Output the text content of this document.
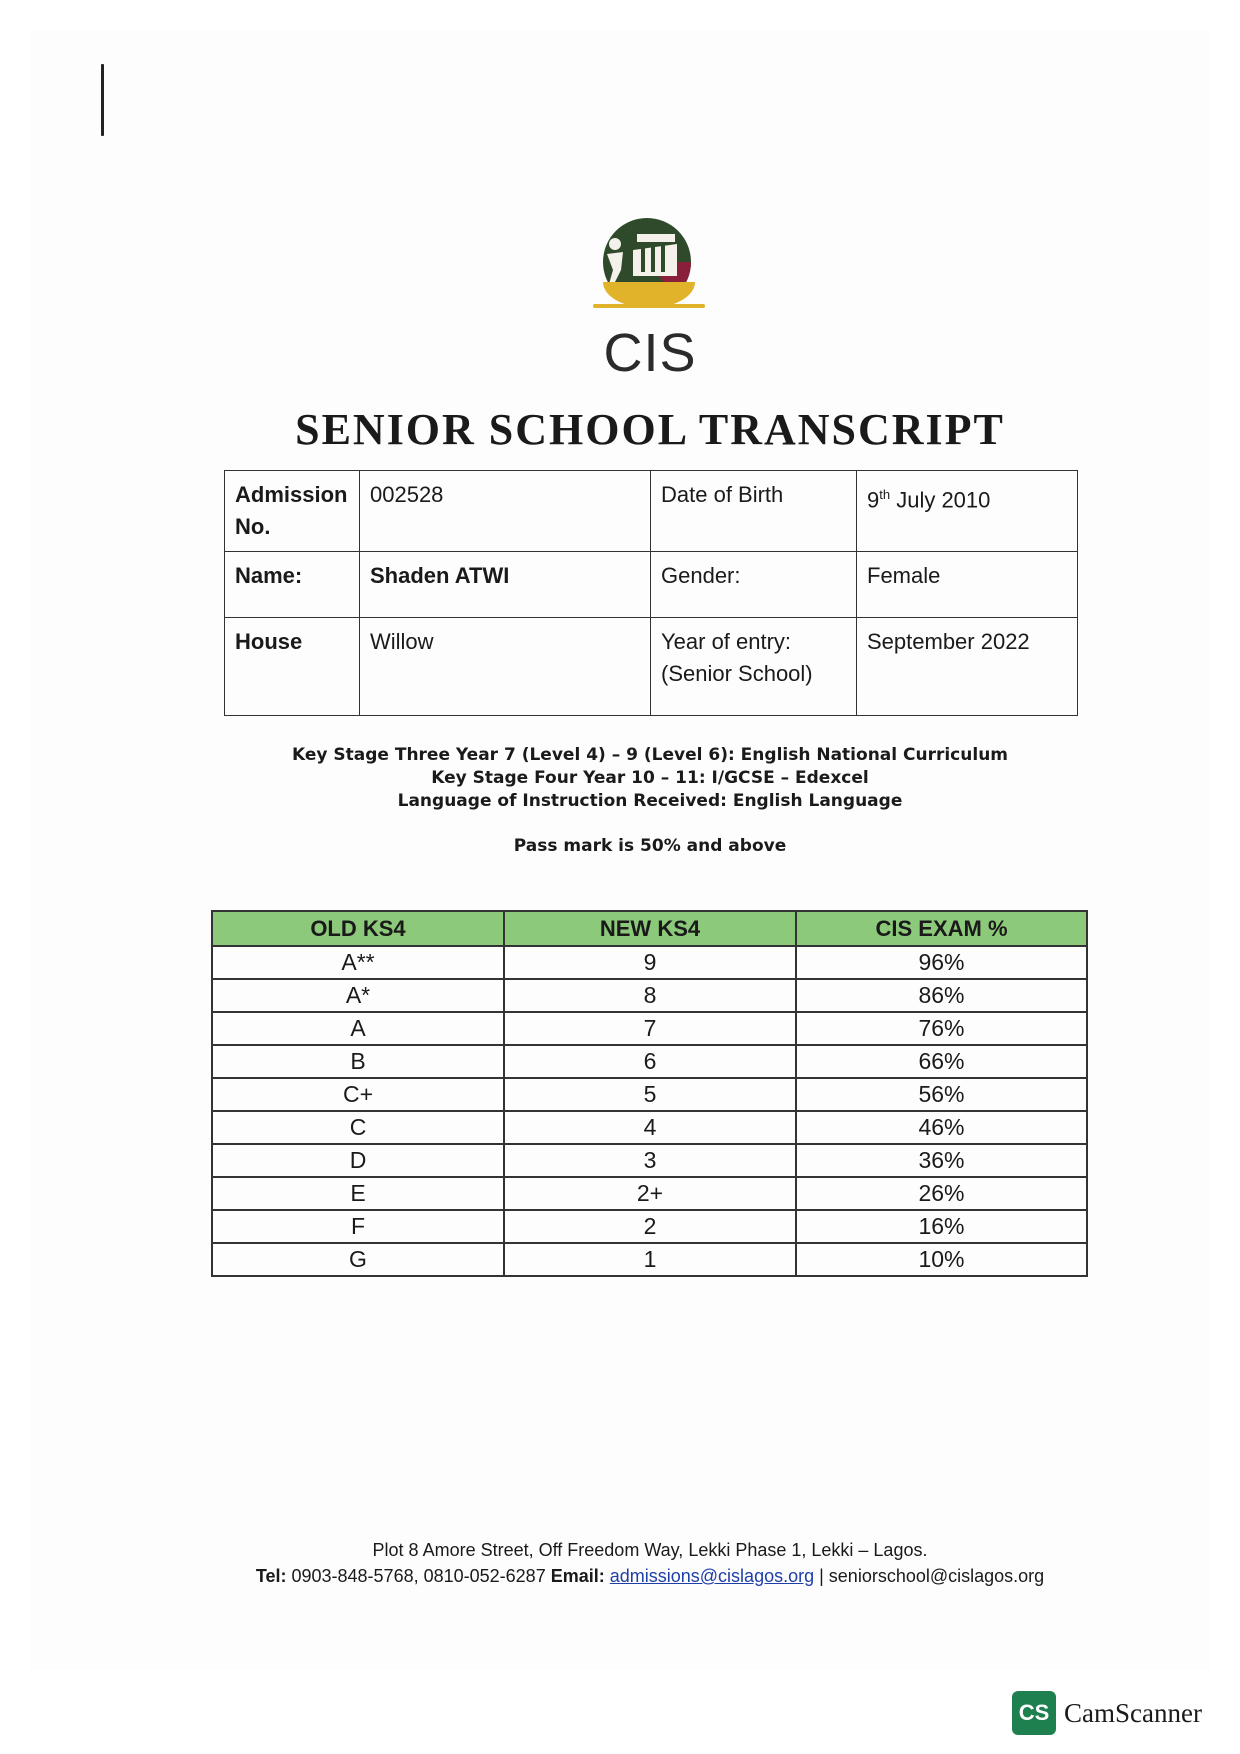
CIS
SENIOR SCHOOL TRANSCRIPT
Admission No.	002528	Date of Birth	9th July 2010
Name:	Shaden ATWI	Gender:	Female
House	Willow	Year of entry: (Senior School)	September 2022
Key Stage Three Year 7 (Level 4) – 9 (Level 6): English National Curriculum
Key Stage Four Year 10 – 11: I/GCSE – Edexcel
Language of Instruction Received: English Language
Pass mark is 50% and above
OLD KS4	NEW KS4	CIS EXAM %
A**	9	96%
A*	8	86%
A	7	76%
B	6	66%
C+	5	56%
C	4	46%
D	3	36%
E	2+	26%
F	2	16%
G	1	10%
Plot 8 Amore Street, Off Freedom Way, Lekki Phase 1, Lekki – Lagos.
Tel: 0903-848-5768, 0810-052-6287 Email: admissions@cislagos.org | seniorschool@cislagos.org
CS CamScanner
